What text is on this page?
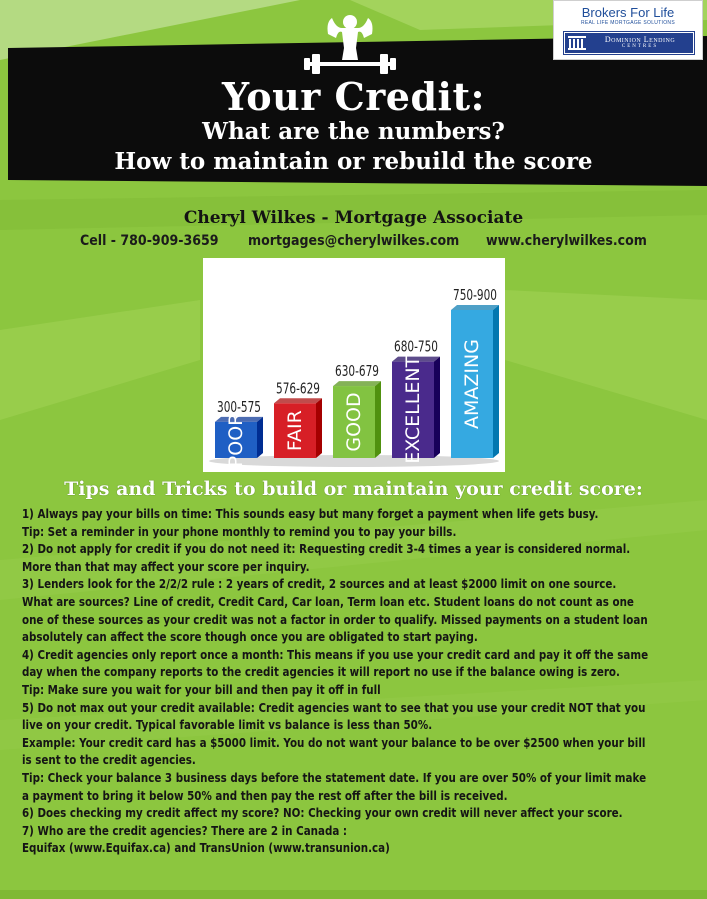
Your Credit:
What are the numbers?
How to maintain or rebuild the score
Brokers For Life
REAL LIFE MORTGAGE SOLUTIONS
Dominion Lending
CENTRES
Cheryl Wilkes - Mortgage Associate
Cell - 780-909-3659 mortgages@cherylwilkes.com www.cherylwilkes.com
POOR
300-575
FAIR
576-629
GOOD
630-679 EXCELLENT
680-750 AMAZING
750-900
Tips and Tricks to build or maintain your credit score:
1) Always pay your bills on time: This sounds easy but many forget a payment when life gets busy.
Tip: Set a reminder in your phone monthly to remind you to pay your bills.
2) Do not apply for credit if you do not need it: Requesting credit 3-4 times a year is considered normal.
More than that may affect your score per inquiry.
3) Lenders look for the 2/2/2 rule : 2 years of credit, 2 sources and at least $2000 limit on one source.
What are sources? Line of credit, Credit Card, Car loan, Term loan etc. Student loans do not count as one
one of these sources as your credit was not a factor in order to qualify. Missed payments on a student loan
absolutely can affect the score though once you are obligated to start paying.
4) Credit agencies only report once a month: This means if you use your credit card and pay it off the same
day when the company reports to the credit agencies it will report no use if the balance owing is zero.
Tip: Make sure you wait for your bill and then pay it off in full
5) Do not max out your credit available: Credit agencies want to see that you use your credit NOT that you
live on your credit. Typical favorable limit vs balance is less than 50%.
Example: Your credit card has a $5000 limit. You do not want your balance to be over $2500 when your bill
is sent to the credit agencies.
Tip: Check your balance 3 business days before the statement date. If you are over 50% of your limit make
a payment to bring it below 50% and then pay the rest off after the bill is received.
6) Does checking my credit affect my score? NO: Checking your own credit will never affect your score.
7) Who are the credit agencies? There are 2 in Canada :
Equifax (www.Equifax.ca) and TransUnion (www.transunion.ca)
